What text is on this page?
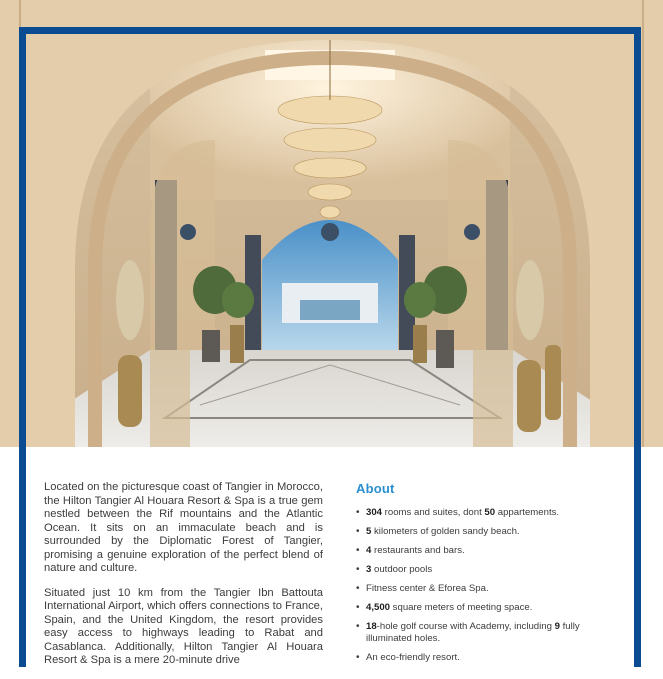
Located on the picturesque coast of Tangier in Morocco, the Hilton Tangier Al Houara Resort & Spa is a true gem nestled between the Rif mountains and the Atlantic Ocean. It sits on an immaculate beach and is surrounded by the Diplomatic Forest of Tangier, promising a genuine exploration of the perfect blend of nature and culture.

Situated just 10 km from the Tangier Ibn Battouta International Airport, which offers connections to France, Spain, and the United Kingdom, the resort provides easy access to highways leading to Rabat and Casablanca. Additionally, Hilton Tangier Al Houara Resort & Spa is a mere 20-minute drive

About
• 304 rooms and suites, dont 50 appartements.
• 5 kilometers of golden sandy beach.
• 4 restaurants and bars.
• 3 outdoor pools
• Fitness center & Eforea Spa.
• 4,500 square meters of meeting space.
• 18-hole golf course with Academy, including 9 fully illuminated holes.
• An eco-friendly resort.
